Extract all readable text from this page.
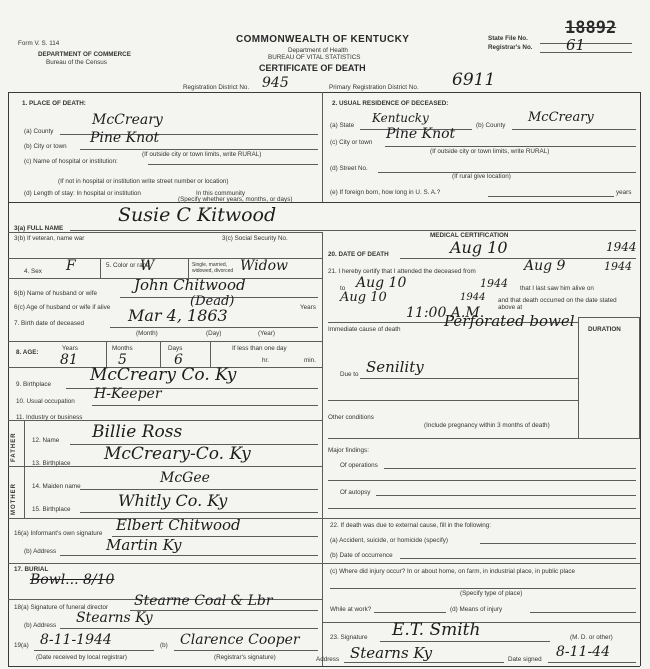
Form V. S. 114
DEPARTMENT OF COMMERCE
Bureau of the Census
COMMONWEALTH OF KENTUCKY
Department of Health
BUREAU OF VITAL STATISTICS
CERTIFICATE OF DEATH
State File No.
18892
Registrar's No. 61
Registration District No. 945	Primary Registration District No. 6911
1. PLACE OF DEATH:
(a) County
McCreary
(b) City or town
Pine Knot
(If outside city or town limits, write RURAL)
(c) Name of hospital or institution:
(If not in hospital or institution write street number or location)
(d) Length of stay: In hospital or institution	In this community
(Specify whether years, months, or days)
2. USUAL RESIDENCE OF DECEASED:
(a) State
Kentucky
(b) County
McCreary
(c) City or town
Pine Knot
(If outside city or town limits, write RURAL)
(d) Street No.
(If rural give location)
(e) If foreign born, how long in U. S. A.?	years
3(a) FULL NAME
Susie C Kitwood
3(b) If veteran, name war	3(c) Social Security No.	MEDICAL CERTIFICATION
20. DATE OF DEATH	Aug 10	1944
4. Sex F	5. Color or race
W	Single, married, widowed, divorced Widow
6(b) Name of husband or wife John Chitwood
6(c) Age of husband or wife if alive	(Dead)	Years
7. Birth date of deceased	Mar 4, 1863
(Month)	(Day)	(Year)
8. AGE:
Years
81
Months
5
Days
6
If less than one day
hr.	min.
9. Birthplace McCreary Co. Ky
10. Usual occupation H-Keeper
11. Industry or business
FATHER 12. Name Billie Ross
13. Birthplace McCreary-Co. Ky
MOTHER 14. Maiden name
McGee
15. Birthplace	Whitly Co. Ky
16(a) Informant's own signature Elbert Chitwood
(b) Address	Martin Ky
17. BURIAL
Bowl... 8/10
18(a) Signature of funeral director Stearne Coal & Lbr
(b) Address Stearns Ky
19(a) 8-11-1944
(Date received by local registrar)
(b) Clarence Cooper
(Registrar's signature)
21. I hereby certify that I attended the deceased from	Aug 9	1944
to Aug 10	1944 that I last saw him alive on
Aug 10	1944 and that death occurred on the date stated above at
11:00 A.M.
Immediate cause of death	Perforated bowel	DURATION
Due to Senility
Other conditions
(Include pregnancy within 3 months of death)
Major findings:
Of operations
Of autopsy
22. If death was due to external cause, fill in the following:
(a) Accident, suicide, or homicide (specify)
(b) Date of occurrence
(c) Where did injury occur? In or about home, on farm, in industrial place, in public place
(Specify type of place)
While at work?	(d) Means of injury
23. Signature E.T. Smith	(M. D. or other)
Address Stearns Ky	Date signed 8-11-44
